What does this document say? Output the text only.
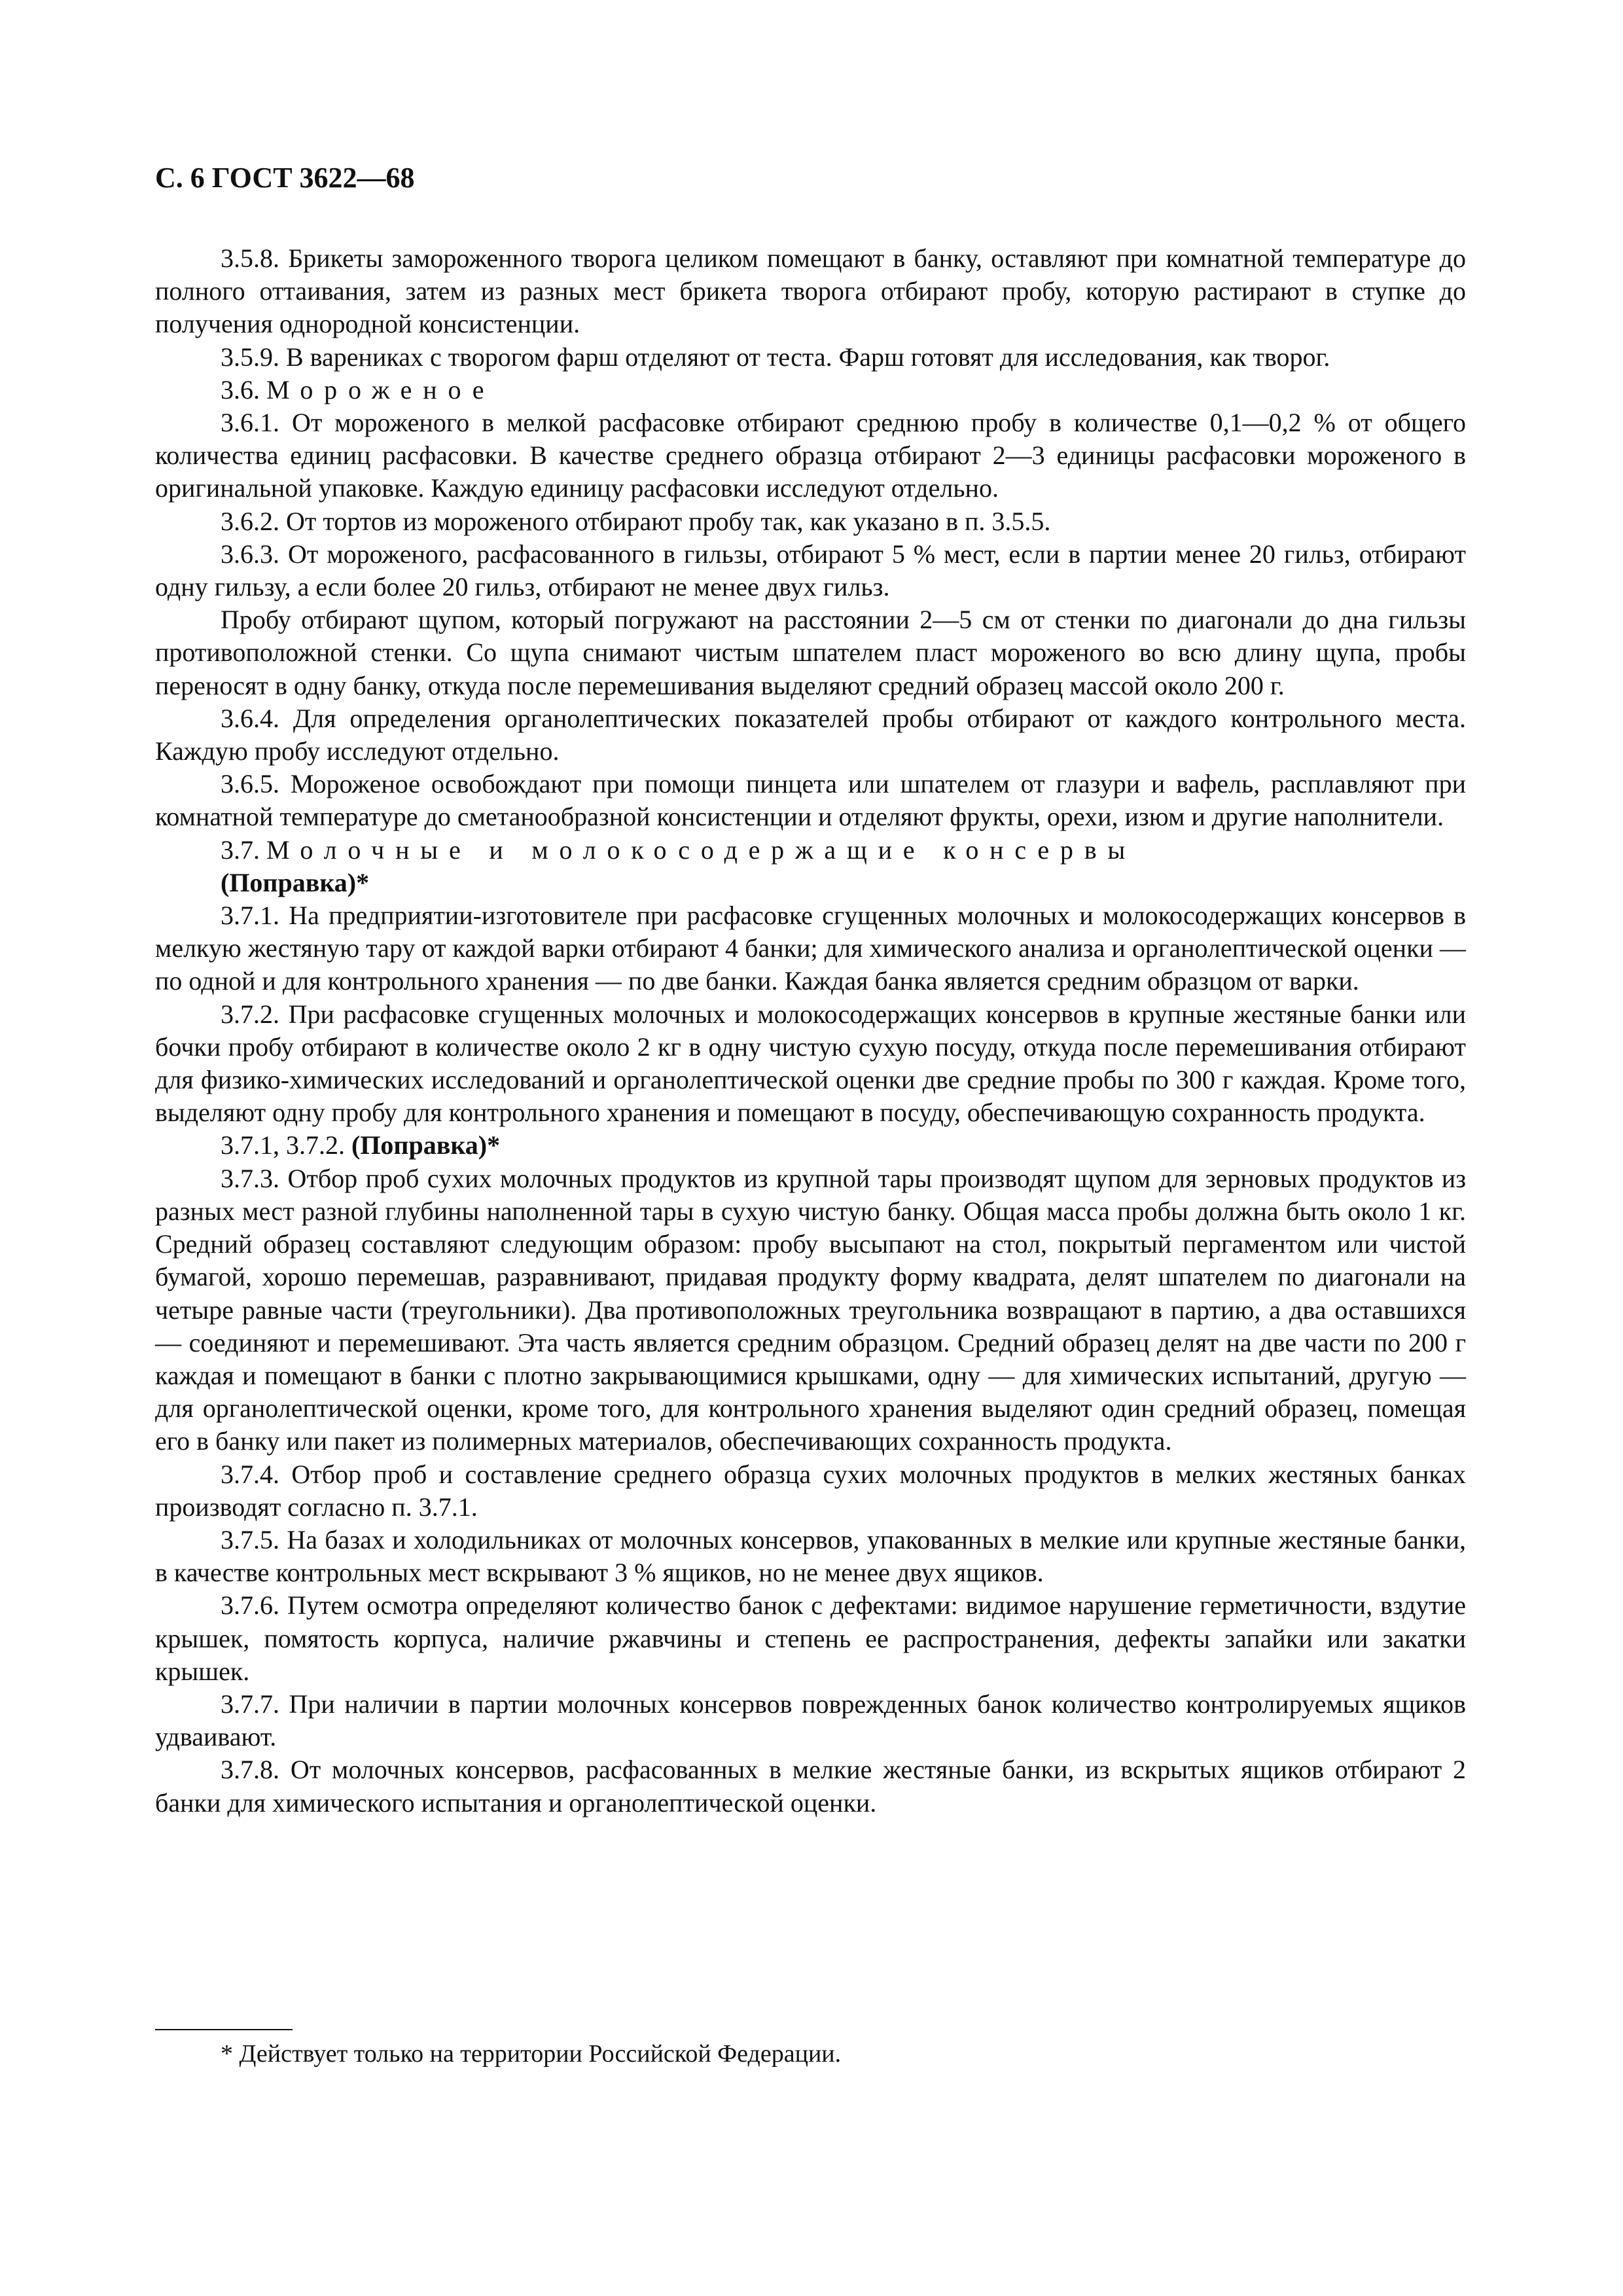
С. 6 ГОСТ 3622—68

3.5.8. Брикеты замороженного творога целиком помещают в банку, оставляют при комнатной температуре до полного оттаивания, затем из разных мест брикета творога отбирают пробу, которую растирают в ступке до получения однородной консистенции.

3.5.9. В варениках с творогом фарш отделяют от теста. Фарш готовят для исследования, как творог.

3.6. Мороженое

3.6.1. От мороженого в мелкой расфасовке отбирают среднюю пробу в количестве 0,1—0,2 % от общего количества единиц расфасовки. В качестве среднего образца отбирают 2—3 единицы расфасовки мороженого в оригинальной упаковке. Каждую единицу расфасовки исследуют отдельно.

3.6.2. От тортов из мороженого отбирают пробу так, как указано в п. 3.5.5.

3.6.3. От мороженого, расфасованного в гильзы, отбирают 5 % мест, если в партии менее 20 гильз, отбирают одну гильзу, а если более 20 гильз, отбирают не менее двух гильз.

Пробу отбирают щупом, который погружают на расстоянии 2—5 см от стенки по диагонали до дна гильзы противоположной стенки. Со щупа снимают чистым шпателем пласт мороженого во всю длину щупа, пробы переносят в одну банку, откуда после перемешивания выделяют средний образец массой около 200 г.

3.6.4. Для определения органолептических показателей пробы отбирают от каждого контрольного места. Каждую пробу исследуют отдельно.

3.6.5. Мороженое освобождают при помощи пинцета или шпателем от глазури и вафель, расплавляют при комнатной температуре до сметанообразной консистенции и отделяют фрукты, орехи, изюм и другие наполнители.

3.7. Молочные и молокосодержащие консервы

(Поправка)*

3.7.1. На предприятии-изготовителе при расфасовке сгущенных молочных и молокосодержащих консервов в мелкую жестяную тару от каждой варки отбирают 4 банки; для химического анализа и органолептической оценки — по одной и для контрольного хранения — по две банки. Каждая банка является средним образцом от варки.

3.7.2. При расфасовке сгущенных молочных и молокосодержащих консервов в крупные жестяные банки или бочки пробу отбирают в количестве около 2 кг в одну чистую сухую посуду, откуда после перемешивания отбирают для физико-химических исследований и органолептической оценки две средние пробы по 300 г каждая. Кроме того, выделяют одну пробу для контрольного хранения и помещают в посуду, обеспечивающую сохранность продукта.

3.7.1, 3.7.2. (Поправка)*

3.7.3. Отбор проб сухих молочных продуктов из крупной тары производят щупом для зерновых продуктов из разных мест разной глубины наполненной тары в сухую чистую банку. Общая масса пробы должна быть около 1 кг. Средний образец составляют следующим образом: пробу высыпают на стол, покрытый пергаментом или чистой бумагой, хорошо перемешав, разравнивают, придавая продукту форму квадрата, делят шпателем по диагонали на четыре равные части (треугольники). Два противоположных треугольника возвращают в партию, а два оставшихся — соединяют и перемешивают. Эта часть является средним образцом. Средний образец делят на две части по 200 г каждая и помещают в банки с плотно закрывающимися крышками, одну — для химических испытаний, другую — для органолептической оценки, кроме того, для контрольного хранения выделяют один средний образец, помещая его в банку или пакет из полимерных материалов, обеспечивающих сохранность продукта.

3.7.4. Отбор проб и составление среднего образца сухих молочных продуктов в мелких жестяных банках производят согласно п. 3.7.1.

3.7.5. На базах и холодильниках от молочных консервов, упакованных в мелкие или крупные жестяные банки, в качестве контрольных мест вскрывают 3 % ящиков, но не менее двух ящиков.

3.7.6. Путем осмотра определяют количество банок с дефектами: видимое нарушение герметичности, вздутие крышек, помятость корпуса, наличие ржавчины и степень ее распространения, дефекты запайки или закатки крышек.

3.7.7. При наличии в партии молочных консервов поврежденных банок количество контролируемых ящиков удваивают.

3.7.8. От молочных консервов, расфасованных в мелкие жестяные банки, из вскрытых ящиков отбирают 2 банки для химического испытания и органолептической оценки.

* Действует только на территории Российской Федерации.
